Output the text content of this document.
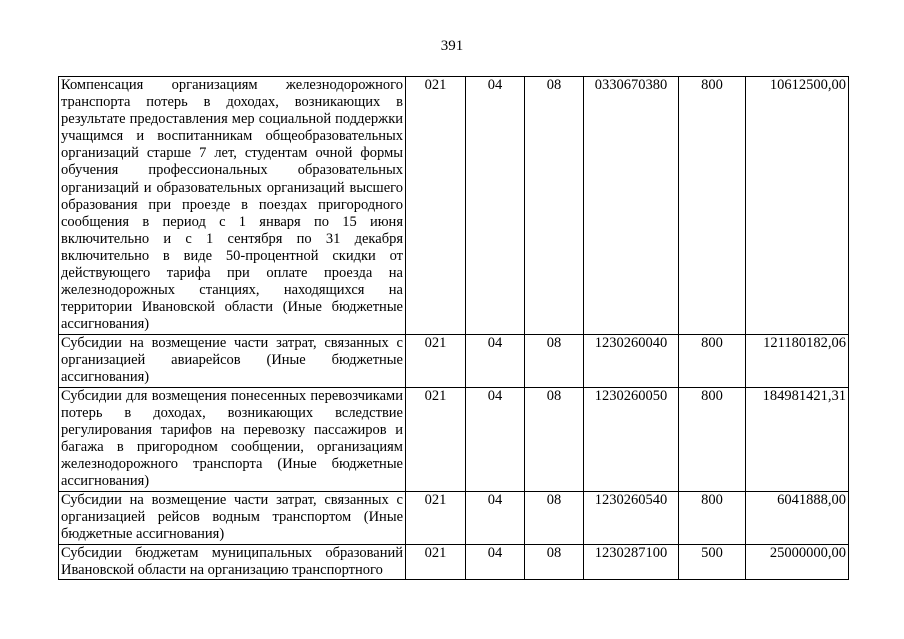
391
Компенсация организациям железнодорожного транспорта потерь в доходах, возникающих в результате предоставления мер социальной поддержки учащимся и воспитанникам общеобразовательных организаций старше 7 лет, студентам очной формы обучения профессиональных образовательных организаций и образовательных организаций высшего образования при проезде в поездах пригородного сообщения в период с 1 января по 15 июня включительно и с 1 сентября по 31 декабря включительно в виде 50-процентной скидки от действующего тарифа при оплате проезда на железнодорожных станциях, находящихся на территории Ивановской области (Иные бюджетные ассигнования)	021	04	08	0330670380	800	10612500,00

Субсидии на возмещение части затрат, связанных с организацией авиарейсов (Иные бюджетные ассигнования)	021	04	08	1230260040	800	121180182,06

Субсидии для возмещения понесенных перевозчиками потерь в доходах, возникающих вследствие регулирования тарифов на перевозку пассажиров и багажа в пригородном сообщении, организациям железнодорожного транспорта (Иные бюджетные ассигнования)	021	04	08	1230260050	800	184981421,31

Субсидии на возмещение части затрат, связанных с организацией рейсов водным транспортом (Иные бюджетные ассигнования)	021	04	08	1230260540	800	6041888,00

Субсидии бюджетам муниципальных образований Ивановской области на организацию транспортного	021	04	08	1230287100	500	25000000,00
